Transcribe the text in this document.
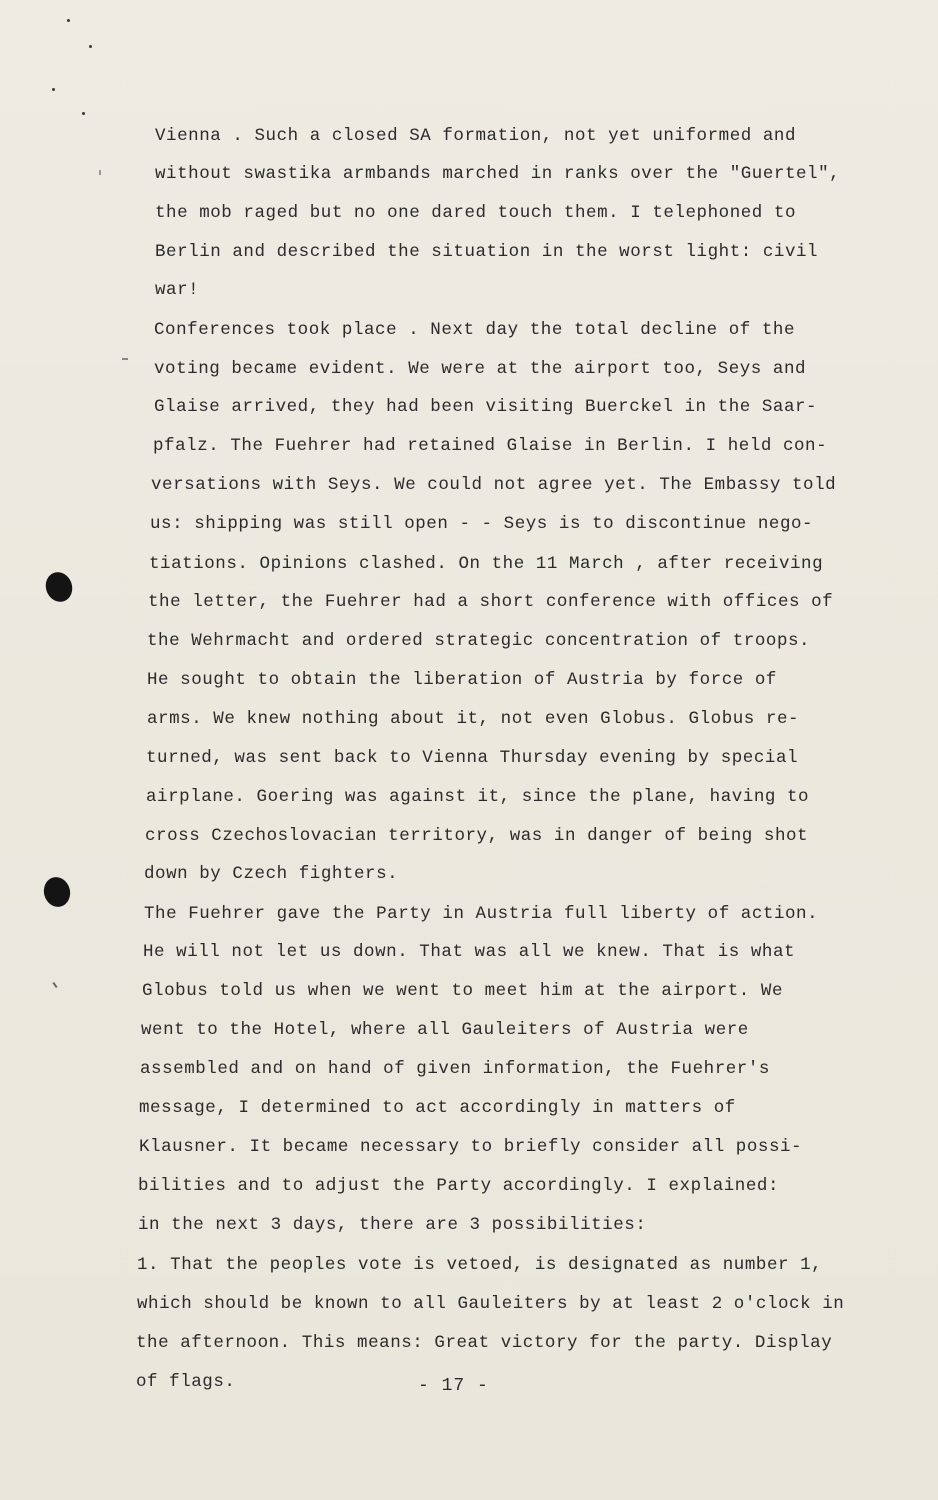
Vienna . Such a closed SA formation, not yet uniformed and

without swastika armbands marched in ranks over the "Guertel",

the mob raged but no one dared touch them. I telephoned to

Berlin and described the situation in the worst light: civil

war!

Conferences took place . Next day the total decline of the

voting became evident. We were at the airport too, Seys and

Glaise arrived, they had been visiting Buerckel in the Saar-

pfalz. The Fuehrer had retained Glaise in Berlin. I held con-

versations with Seys. We could not agree yet. The Embassy told

us: shipping was still open - - Seys is to discontinue nego-

tiations. Opinions clashed. On the 11 March , after receiving

the letter, the Fuehrer had a short conference with offices of

the Wehrmacht and ordered strategic concentration of troops.

He sought to obtain the liberation of Austria by force of

arms. We knew nothing about it, not even Globus. Globus re-

turned, was sent back to Vienna Thursday evening by special

airplane. Goering was against it, since the plane, having to

cross Czechoslovacian territory, was in danger of being shot

down by Czech fighters.

The Fuehrer gave the Party in Austria full liberty of action.

He will not let us down. That was all we knew. That is what

Globus told us when we went to meet him at the airport. We

went to the Hotel, where all Gauleiters of Austria were

assembled and on hand of given information, the Fuehrer's

message, I determined to act accordingly in matters of

Klausner. It became necessary to briefly consider all possi-

bilities and to adjust the Party accordingly. I explained:

in the next 3 days, there are 3 possibilities:

1. That the peoples vote is vetoed, is designated as number 1,

which should be known to all Gauleiters by at least 2 o'clock in

the afternoon. This means: Great victory for the party. Display

of flags.	- 17 -
